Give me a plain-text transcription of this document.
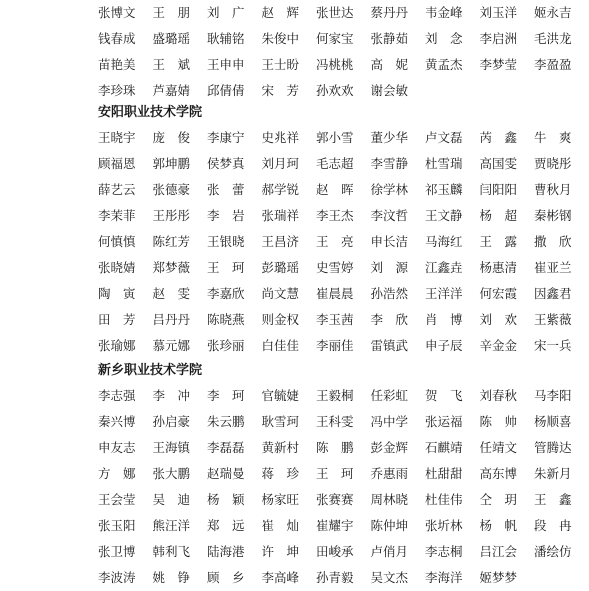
张博文	王　朋	刘　广	赵　辉	张世达	蔡丹丹	韦金峰	刘玉洋	姬永吉
钱春成	盛璐瑶	耿辅铭	朱俊中	何家宝	张静茹	刘　念	李启洲	毛洪龙
苗艳美	王　斌	王申申	王士盼	冯桃桃	高　妮	黄孟杰	李梦莹	李盈盈
李珍珠	芦嘉婧	邱倩倩	宋　芳	孙欢欢	谢会敏
安阳职业技术学院
王晓宇	庞　俊	李康宁	史兆祥	郭小雪	董少华	卢文磊	芮　鑫	牛　爽
顾福恩	郭坤鹏	侯梦真	刘月珂	毛志超	李雪静	杜雪瑞	高国雯	贾晓彤
薛艺云	张德豪	张　蕾	郝学锐	赵　晖	徐学林	祁玉麟	闫阳阳	曹秋月
李茉菲	王彤彤	李　岩	张瑞祥	李王杰	李汶哲	王文静	杨　超	秦彬钢
何慎慎	陈红芳	王银晓	王昌济	王　亮	申长洁	马海红	王　露	撒　欣
张晓婧	郑梦薇	王　珂	彭璐瑶	史雪婷	刘　源	江鑫垚	杨惠清	崔亚兰
陶　寅	赵　雯	李嘉欣	尚文慧	崔晨晨	孙浩然	王洋洋	何宏霞	因鑫君
田　芳	吕丹丹	陈晓燕	则金权	李玉茜	李　欣	肖　博	刘　欢	王紫薇
张瑜娜	慕元娜	张珍丽	白佳佳	李丽佳	雷镇武	申子辰	辛金金	宋一兵
新乡职业技术学院
李志强	李　冲	李　珂	官毓婕	王毅桐	任彩虹	贺　飞	刘春秋	马李阳
秦兴博	孙启豪	朱云鹏	耿雪珂	王科雯	冯中学	张运福	陈　帅	杨顺喜
申友志	王海镇	李磊磊	黄新村	陈　鹏	彭金辉	石麒靖	任靖文	管腾达
方　娜	张大鹏	赵瑞曼	蒋　珍	王　珂	乔惠雨	杜甜甜	高东博	朱新月
王会莹	吴　迪	杨　颖	杨家旺	张赛赛	周林晓	杜佳伟	仝　玥	王　鑫
张玉阳	熊汪洋	郑　远	崔　灿	崔耀宇	陈仲坤	张圻林	杨　帆	段　冉
张卫博	韩利飞	陆海港	许　坤	田峻承	卢俏月	李志桐	吕江会	潘绘仿
李波涛	姚　铮	顾　乡	李高峰	孙青毅	吴文杰	李海洋	姬梦梦
